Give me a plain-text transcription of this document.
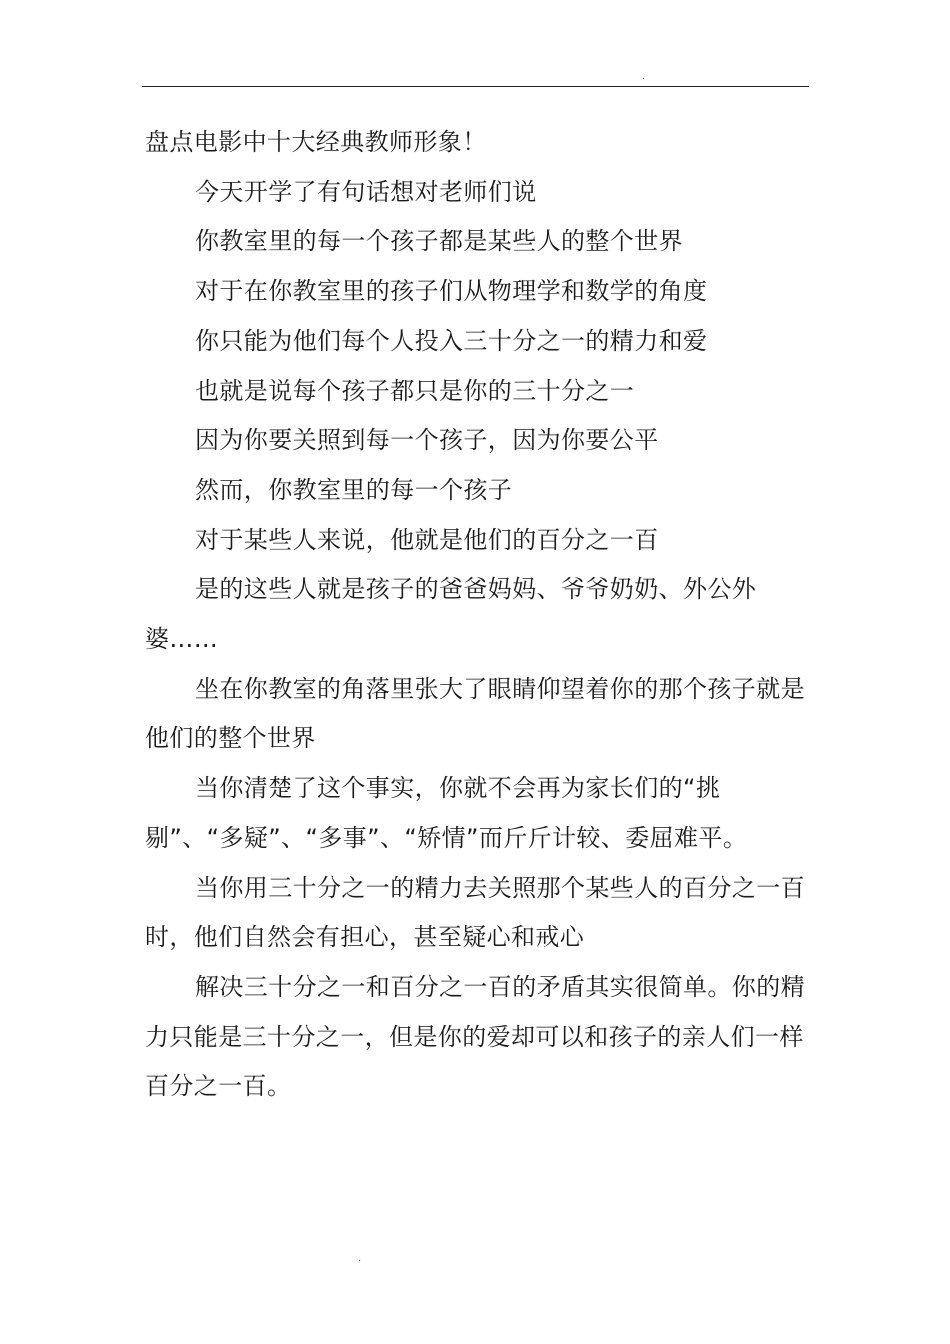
.

盘点电影中十大经典教师形象！

今天开学了有句话想对老师们说

你教室里的每一个孩子都是某些人的整个世界

对于在你教室里的孩子们从物理学和数学的角度

你只能为他们每个人投入三十分之一的精力和爱

也就是说每个孩子都只是你的三十分之一

因为你要关照到每一个孩子，因为你要公平

然而，你教室里的每一个孩子

对于某些人来说，他就是他们的百分之一百

是的这些人就是孩子的爸爸妈妈、爷爷奶奶、外公外婆……

坐在你教室的角落里张大了眼睛仰望着你的那个孩子就是他们的整个世界

当你清楚了这个事实，你就不会再为家长们的“挑剔”、“多疑”、“多事”、“矫情”而斤斤计较、委屈难平。

当你用三十分之一的精力去关照那个某些人的百分之一百时，他们自然会有担心，甚至疑心和戒心

解决三十分之一和百分之一百的矛盾其实很简单。你的精力只能是三十分之一，但是你的爱却可以和孩子的亲人们一样百分之一百。

.
